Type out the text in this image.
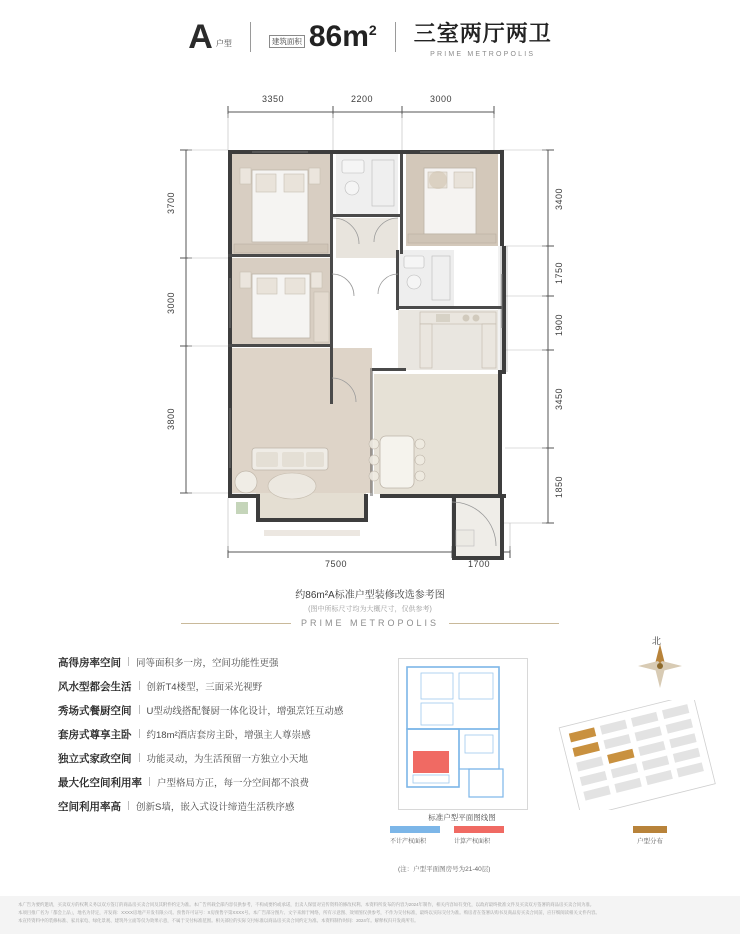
A 户型	建筑面积 $86m^2$ 三室两厅两卫
PRIME METROPOLIS
3350	2200	3000
3700
3000
3800
3400
1750
1900
3450
1850
7500	1700
约86m²A标准户型装修改选参考图
(图中所标尺寸均为大概尺寸，仅供参考)
PRIME METROPOLIS
高得房率空间 同等面积多一房，空间功能性更强
风水型都会生活 创新T4楼型，三面采光视野
秀场式餐厨空间 U型动线搭配餐厨一体化设计，增强烹饪互动感
套房式尊享主卧 约18m²酒店套房主卧，增强主人尊崇感
独立式家政空间 功能灵动，为生活预留一方独立小天地
最大化空间利用率 户型格局方正，每一分空间都不浪费
空间利用率高 创新S墙，嵌入式设计缔造生活秩序感
标准户型平面图线图
不计产权面积	计算产权面积
(注：户型平面图房号为21-40层)
北
户型分布

本广告为要约邀请，买卖双方的权利义务以双方签订的商品房买卖合同及其附件约定为准。本广告所载全部内容仅供参考，不构成要约或承诺，出卖人保留对宣传资料的修改权利。本资料所发布的内容为2024年制作，相关内容如有变化，以政府最终批准文件及买卖双方签署的商品房买卖合同为准。

本项目推广名为「都会上品」，地名为待定，开发商：XXXX房地产开发有限公司。预售许可证号：X房预售字第XXXX号。本广告部分图片、文字来源于网络，所有示意图、效果图仅供参考，不作为交付标准，最终以实际交付为准。购房者在签署认购书及商品房买卖合同前，应仔细阅读相关文件内容。

本宣传资料中的装修标准、家具家电、绿化景观、建筑外立面等仅为效果示意，不属于交付标准范围。相关部位的实际交付标准以商品房买卖合同约定为准。本资料制作时间：2024年。解释权归开发商所有。
